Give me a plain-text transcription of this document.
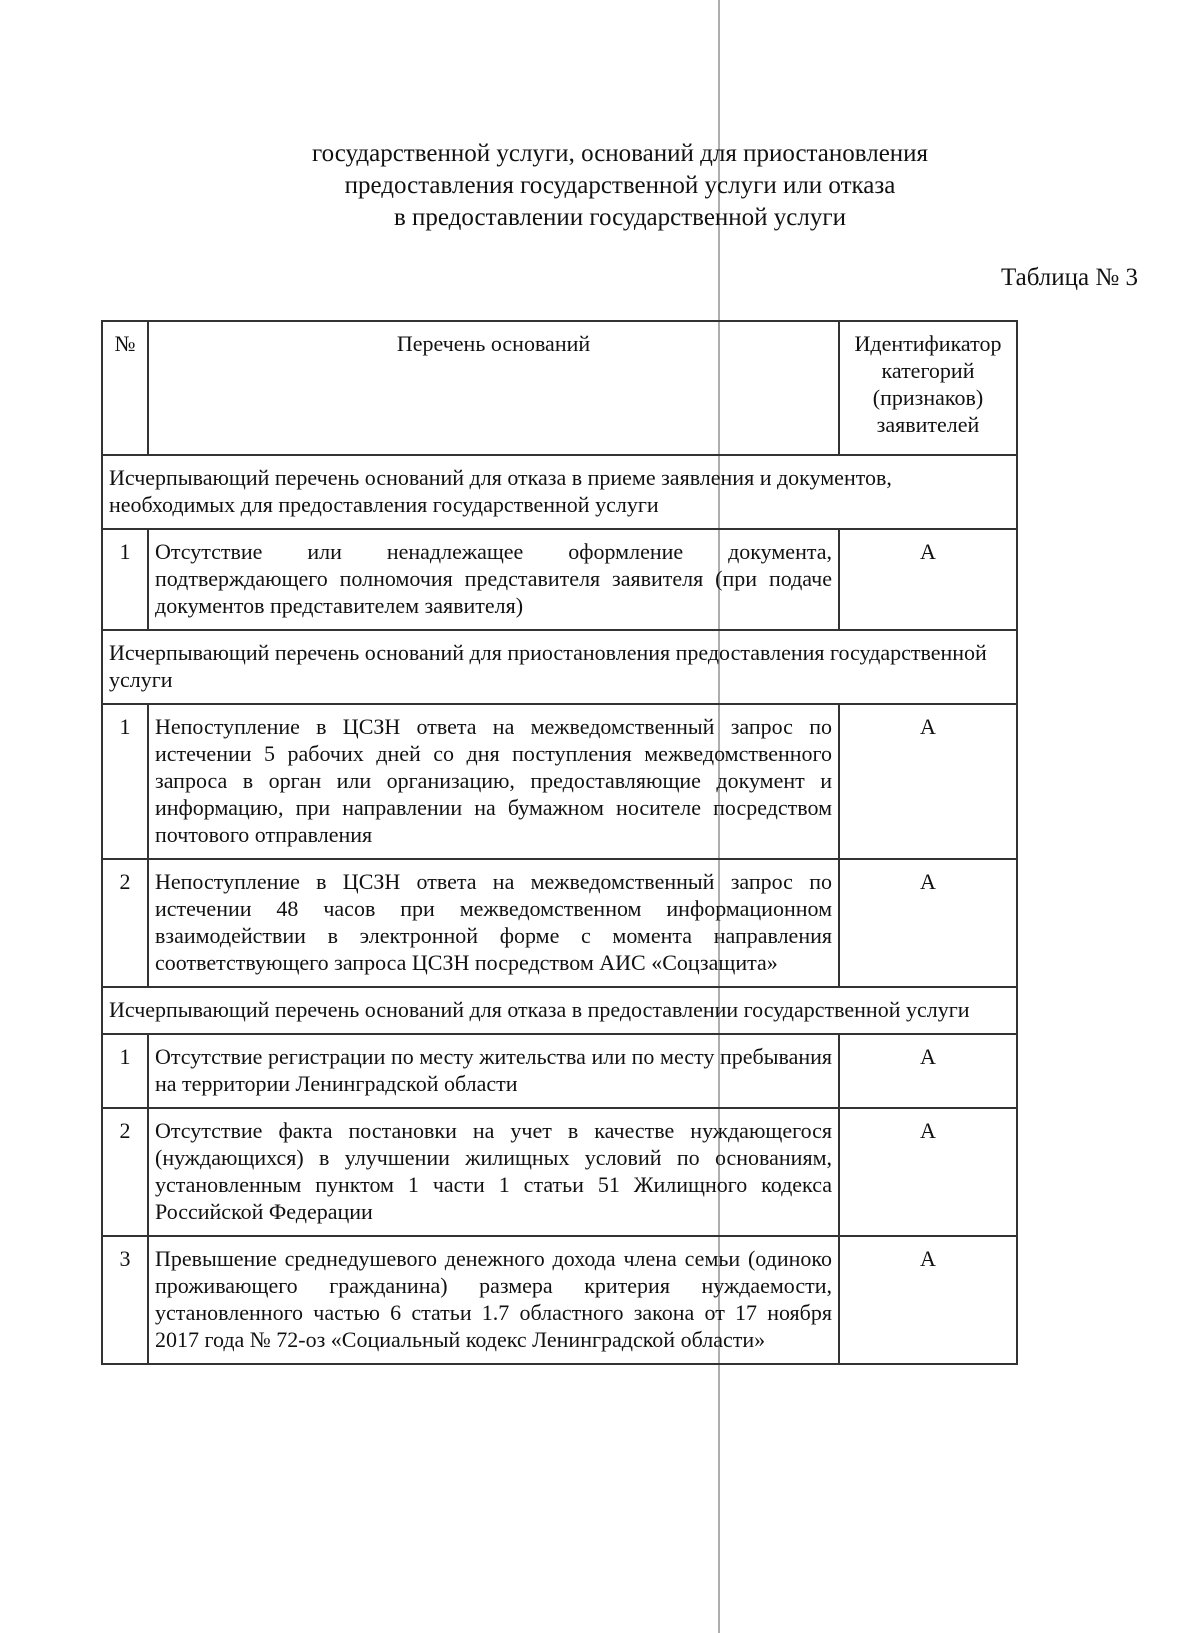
государственной услуги, оснований для приостановления
предоставления государственной услуги или отказа
в предоставлении государственной услуги
Таблица № 3
№	Перечень оснований	Идентификатор категорий (признаков) заявителей
Исчерпывающий перечень оснований для отказа в приеме заявления и документов, необходимых для предоставления государственной услуги		
1	Отсутствие или ненадлежащее оформление документа, подтверждающего полномочия представителя заявителя (при подаче документов представителем заявителя)	А
Исчерпывающий перечень оснований для приостановления предоставления государственной услуги		
1	Непоступление в ЦСЗН ответа на межведомственный запрос по истечении 5 рабочих дней со дня поступления межведомственного запроса в орган или организацию, предоставляющие документ и информацию, при направлении на бумажном носителе посредством почтового отправления	А
2	Непоступление в ЦСЗН ответа на межведомственный запрос по истечении 48 часов при межведомственном информационном взаимодействии в электронной форме с момента направления соответствующего запроса ЦСЗН посредством АИС «Соцзащита»	А
Исчерпывающий перечень оснований для отказа в предоставлении государственной услуги		
1	Отсутствие регистрации по месту жительства или по месту пребывания на территории Ленинградской области	А
2	Отсутствие факта постановки на учет в качестве нуждающегося (нуждающихся) в улучшении жилищных условий по основаниям, установленным пунктом 1 части 1 статьи 51 Жилищного кодекса Российской Федерации	А
3	Превышение среднедушевого денежного дохода члена семьи (одиноко проживающего гражданина) размера критерия нуждаемости, установленного частью 6 статьи 1.7 областного закона от 17 ноября 2017 года № 72-оз «Социальный кодекс Ленинградской области»	А
